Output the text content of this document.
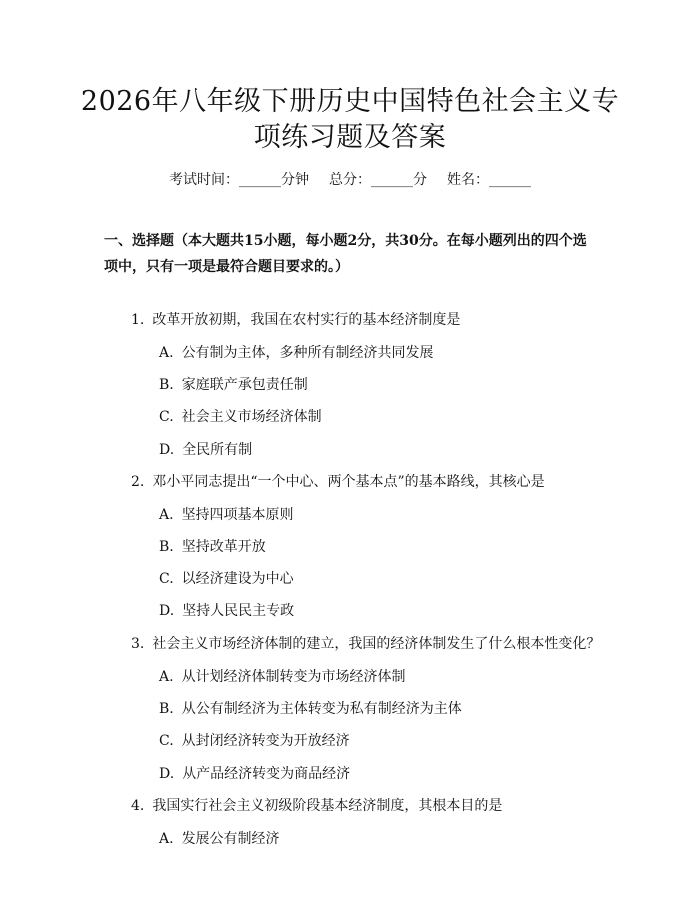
2026年八年级下册历史中国特色社会主义专
项练习题及答案
考试时间：______分钟 总分：______分 姓名：______
一、选择题（本大题共15小题，每小题2分，共30分。在每小题列出的四个选
项中，只有一项是最符合题目要求的。）
1. 改革开放初期，我国在农村实行的基本经济制度是
A. 公有制为主体，多种所有制经济共同发展
B. 家庭联产承包责任制
C. 社会主义市场经济体制
D. 全民所有制
2. 邓小平同志提出“一个中心、两个基本点”的基本路线，其核心是
A. 坚持四项基本原则
B. 坚持改革开放
C. 以经济建设为中心
D. 坚持人民民主专政
3. 社会主义市场经济体制的建立，我国的经济体制发生了什么根本性变化？
A. 从计划经济体制转变为市场经济体制
B. 从公有制经济为主体转变为私有制经济为主体
C. 从封闭经济转变为开放经济
D. 从产品经济转变为商品经济
4. 我国实行社会主义初级阶段基本经济制度，其根本目的是
A. 发展公有制经济
